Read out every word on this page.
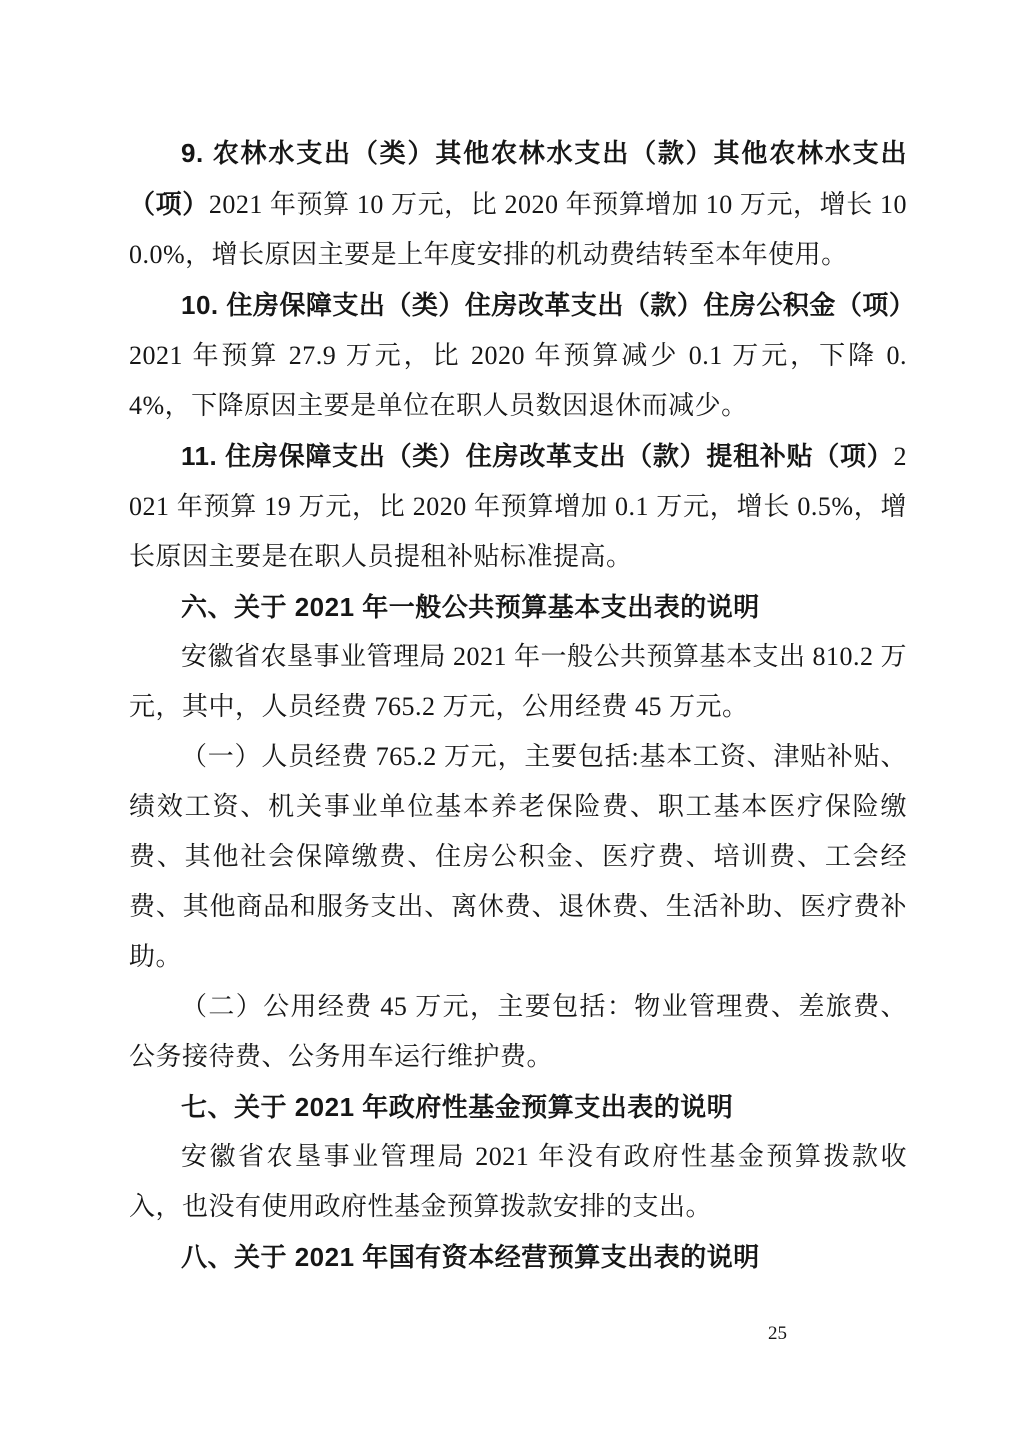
9. 农林水支出（类）其他农林水支出（款）其他农林水支出（项）2021 年预算 10 万元，比 2020 年预算增加 10 万元，增长 100.0%，增长原因主要是上年度安排的机动费结转至本年使用。

10. 住房保障支出（类）住房改革支出（款）住房公积金（项）2021 年预算 27.9 万元，比 2020 年预算减少 0.1 万元，下降 0.4%，下降原因主要是单位在职人员数因退休而减少。

11. 住房保障支出（类）住房改革支出（款）提租补贴（项）2021 年预算 19 万元，比 2020 年预算增加 0.1 万元，增长 0.5%，增长原因主要是在职人员提租补贴标准提高。

六、关于 2021 年一般公共预算基本支出表的说明

安徽省农垦事业管理局 2021 年一般公共预算基本支出 810.2 万元，其中，人员经费 765.2 万元，公用经费 45 万元。

（一）人员经费 765.2 万元，主要包括:基本工资、津贴补贴、绩效工资、机关事业单位基本养老保险费、职工基本医疗保险缴费、其他社会保障缴费、住房公积金、医疗费、培训费、工会经费、其他商品和服务支出、离休费、退休费、生活补助、医疗费补助。

（二）公用经费 45 万元，主要包括：物业管理费、差旅费、公务接待费、公务用车运行维护费。

七、关于 2021 年政府性基金预算支出表的说明

安徽省农垦事业管理局 2021 年没有政府性基金预算拨款收入，也没有使用政府性基金预算拨款安排的支出。

八、关于 2021 年国有资本经营预算支出表的说明

25
